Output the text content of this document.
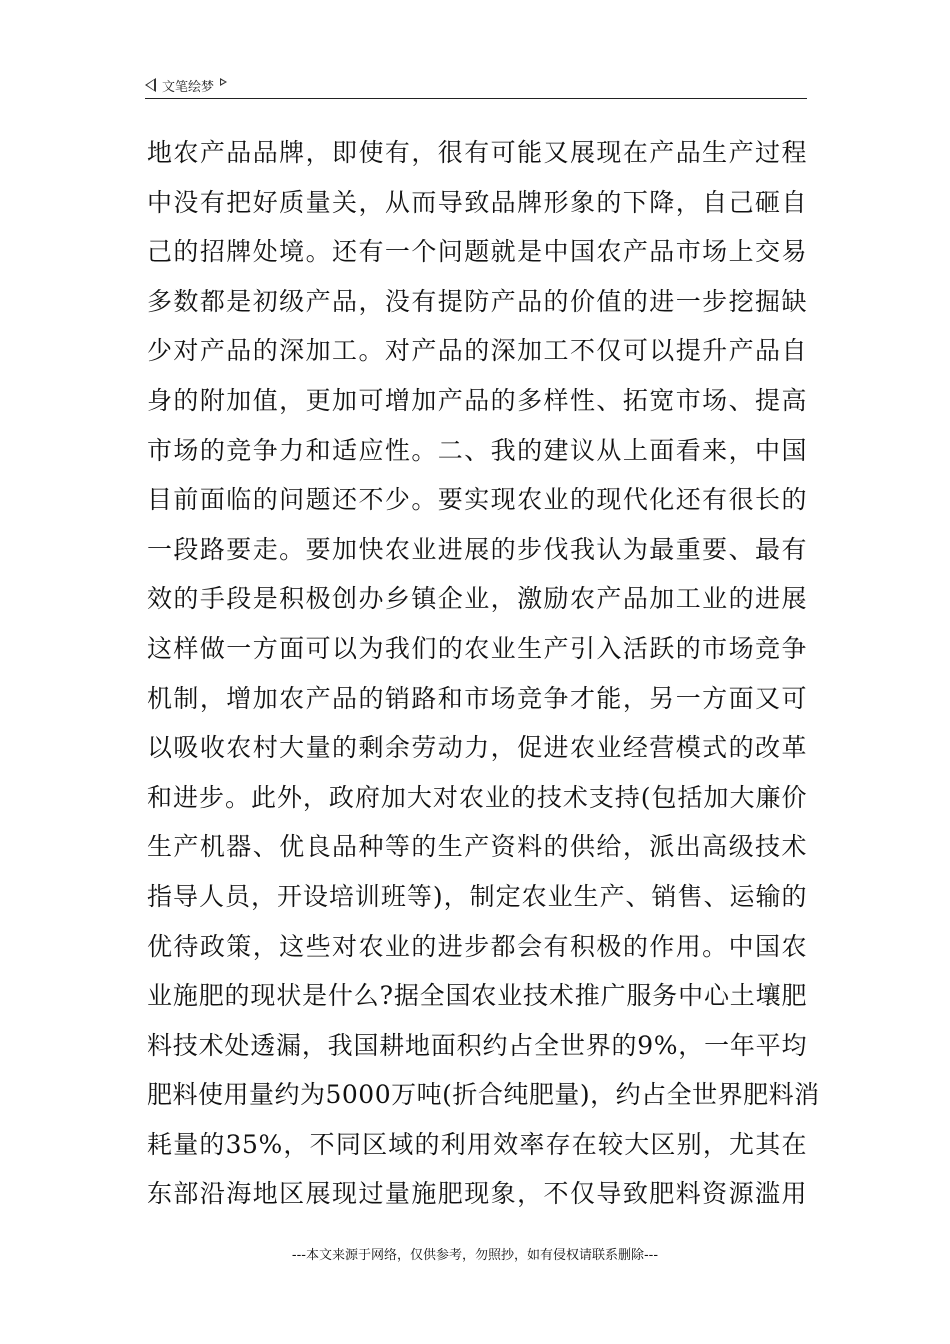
文笔绘梦
地农产品品牌，即使有，很有可能又展现在产品生产过程
中没有把好质量关，从而导致品牌形象的下降，自己砸自
己的招牌处境。还有一个问题就是中国农产品市场上交易
多数都是初级产品，没有提防产品的价值的进一步挖掘缺
少对产品的深加工。对产品的深加工不仅可以提升产品自
身的附加值，更加可增加产品的多样性、拓宽市场、提高
市场的竞争力和适应性。二、我的建议从上面看来，中国
目前面临的问题还不少。要实现农业的现代化还有很长的
一段路要走。要加快农业进展的步伐我认为最重要、最有
效的手段是积极创办乡镇企业，激励农产品加工业的进展
这样做一方面可以为我们的农业生产引入活跃的市场竞争
机制，增加农产品的销路和市场竞争才能，另一方面又可
以吸收农村大量的剩余劳动力，促进农业经营模式的改革
和进步。此外，政府加大对农业的技术支持(包括加大廉价
生产机器、优良品种等的生产资料的供给，派出高级技术
指导人员，开设培训班等)，制定农业生产、销售、运输的
优待政策，这些对农业的进步都会有积极的作用。中国农
业施肥的现状是什么?据全国农业技术推广服务中心土壤肥
料技术处透漏，我国耕地面积约占全世界的9%，一年平均
肥料使用量约为5000万吨(折合纯肥量)，约占全世界肥料消
耗量的35%，不同区域的利用效率存在较大区别，尤其在
东部沿海地区展现过量施肥现象，不仅导致肥料资源滥用
---本文来源于网络，仅供参考，勿照抄，如有侵权请联系删除---
